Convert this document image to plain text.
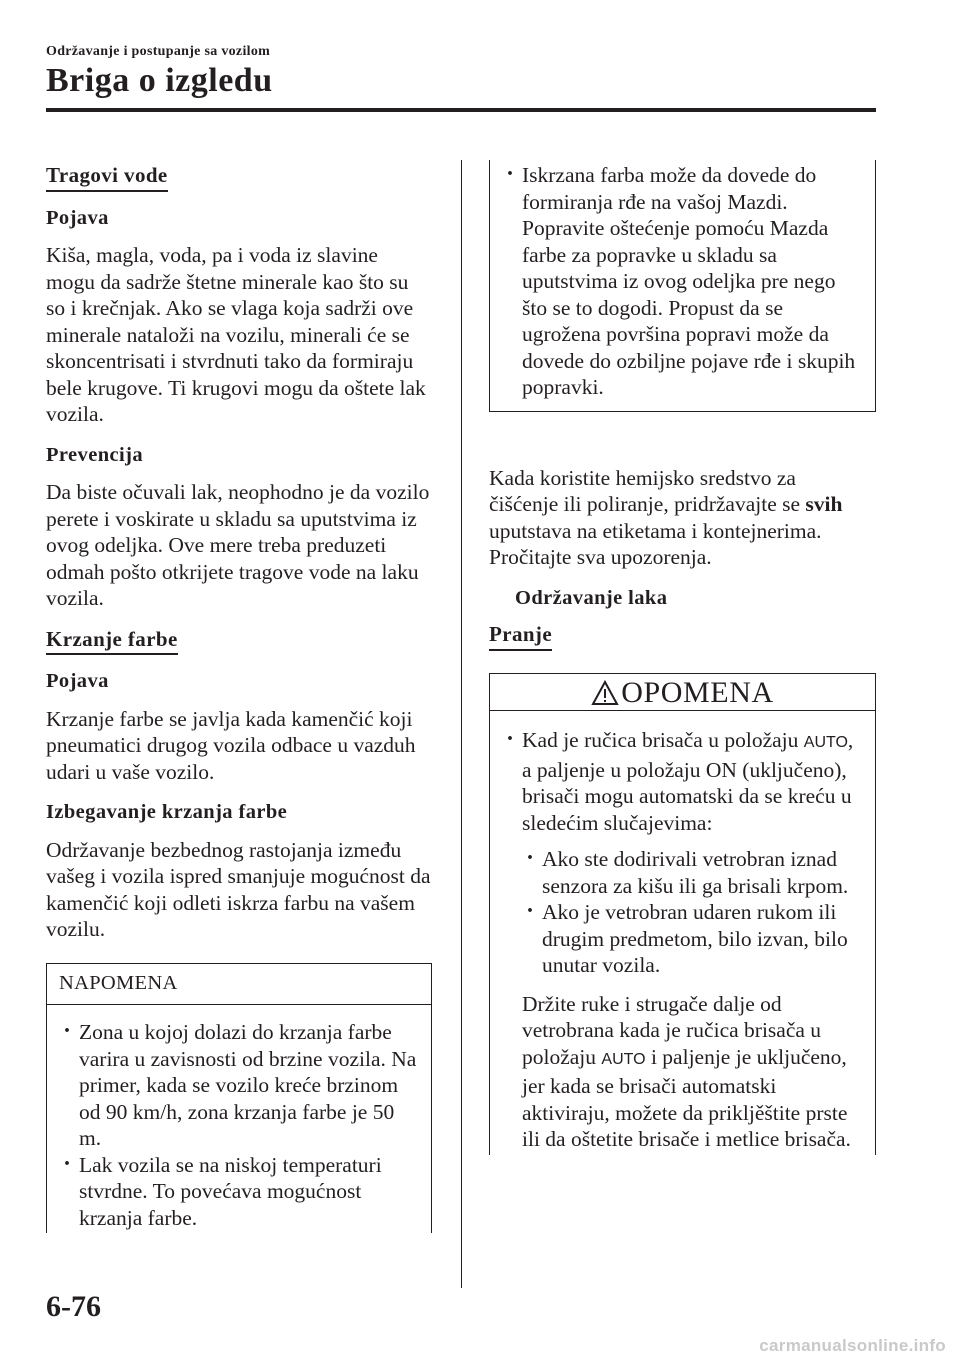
Održavanje i postupanje sa vozilom
Briga o izgledu
Tragovi vode

Pojava

Kiša, magla, voda, pa i voda iz slavine mogu da sadrže štetne minerale kao što su so i krečnjak. Ako se vlaga koja sadrži ove minerale nataloži na vozilu, minerali će se skoncentrisati i stvrdnuti tako da formiraju bele krugove. Ti krugovi mogu da oštete lak vozila.

Prevencija

Da biste očuvali lak, neophodno je da vozilo perete i voskirate u skladu sa uputstvima iz ovog odeljka. Ove mere treba preduzeti odmah pošto otkrijete tragove vode na laku vozila.

Krzanje farbe

Pojava

Krzanje farbe se javlja kada kamenčić koji pneumatici drugog vozila odbace u vazduh udari u vaše vozilo.

Izbegavanje krzanja farbe

Održavanje bezbednog rastojanja između vašeg i vozila ispred smanjuje mogućnost da kamenčić koji odleti iskrza farbu na vašem vozilu.

NAPOMENA

· Zona u kojoj dolazi do krzanja farbe varira u zavisnosti od brzine vozila. Na primer, kada se vozilo kreće brzinom od 90 km/h, zona krzanja farbe je 50 m.

· Lak vozila se na niskoj temperaturi stvrdne. To povećava mogućnost krzanja farbe.

· Iskrzana farba može da dovede do formiranja rđe na vašoj Mazdi. Popravite oštećenje pomoću Mazda farbe za popravke u skladu sa uputstvima iz ovog odeljka pre nego što se to dogodi. Propust da se ugrožena površina popravi može da dovede do ozbiljne pojave rđe i skupih popravki.

Kada koristite hemijsko sredstvo za čišćenje ili poliranje, pridržavajte se svih uputstava na etiketama i kontejnerima. Pročitajte sva upozorenja.

Održavanje laka

Pranje
OPOMENA

· Kad je ručica brisača u položaju AUTO, a paljenje u položaju ON (uključeno), brisači mogu automatski da se kreću u sledećim slučajevima:

· Ako ste dodirivali vetrobran iznad senzora za kišu ili ga brisali krpom.

· Ako je vetrobran udaren rukom ili drugim predmetom, bilo izvan, bilo unutar vozila.

Držite ruke i strugače dalje od vetrobrana kada je ručica brisača u položaju AUTO i paljenje je uključeno, jer kada se brisači automatski aktiviraju, možete da prikljěštite prste ili da oštetite brisače i metlice brisača.

6-76
carmanualsonline.info
